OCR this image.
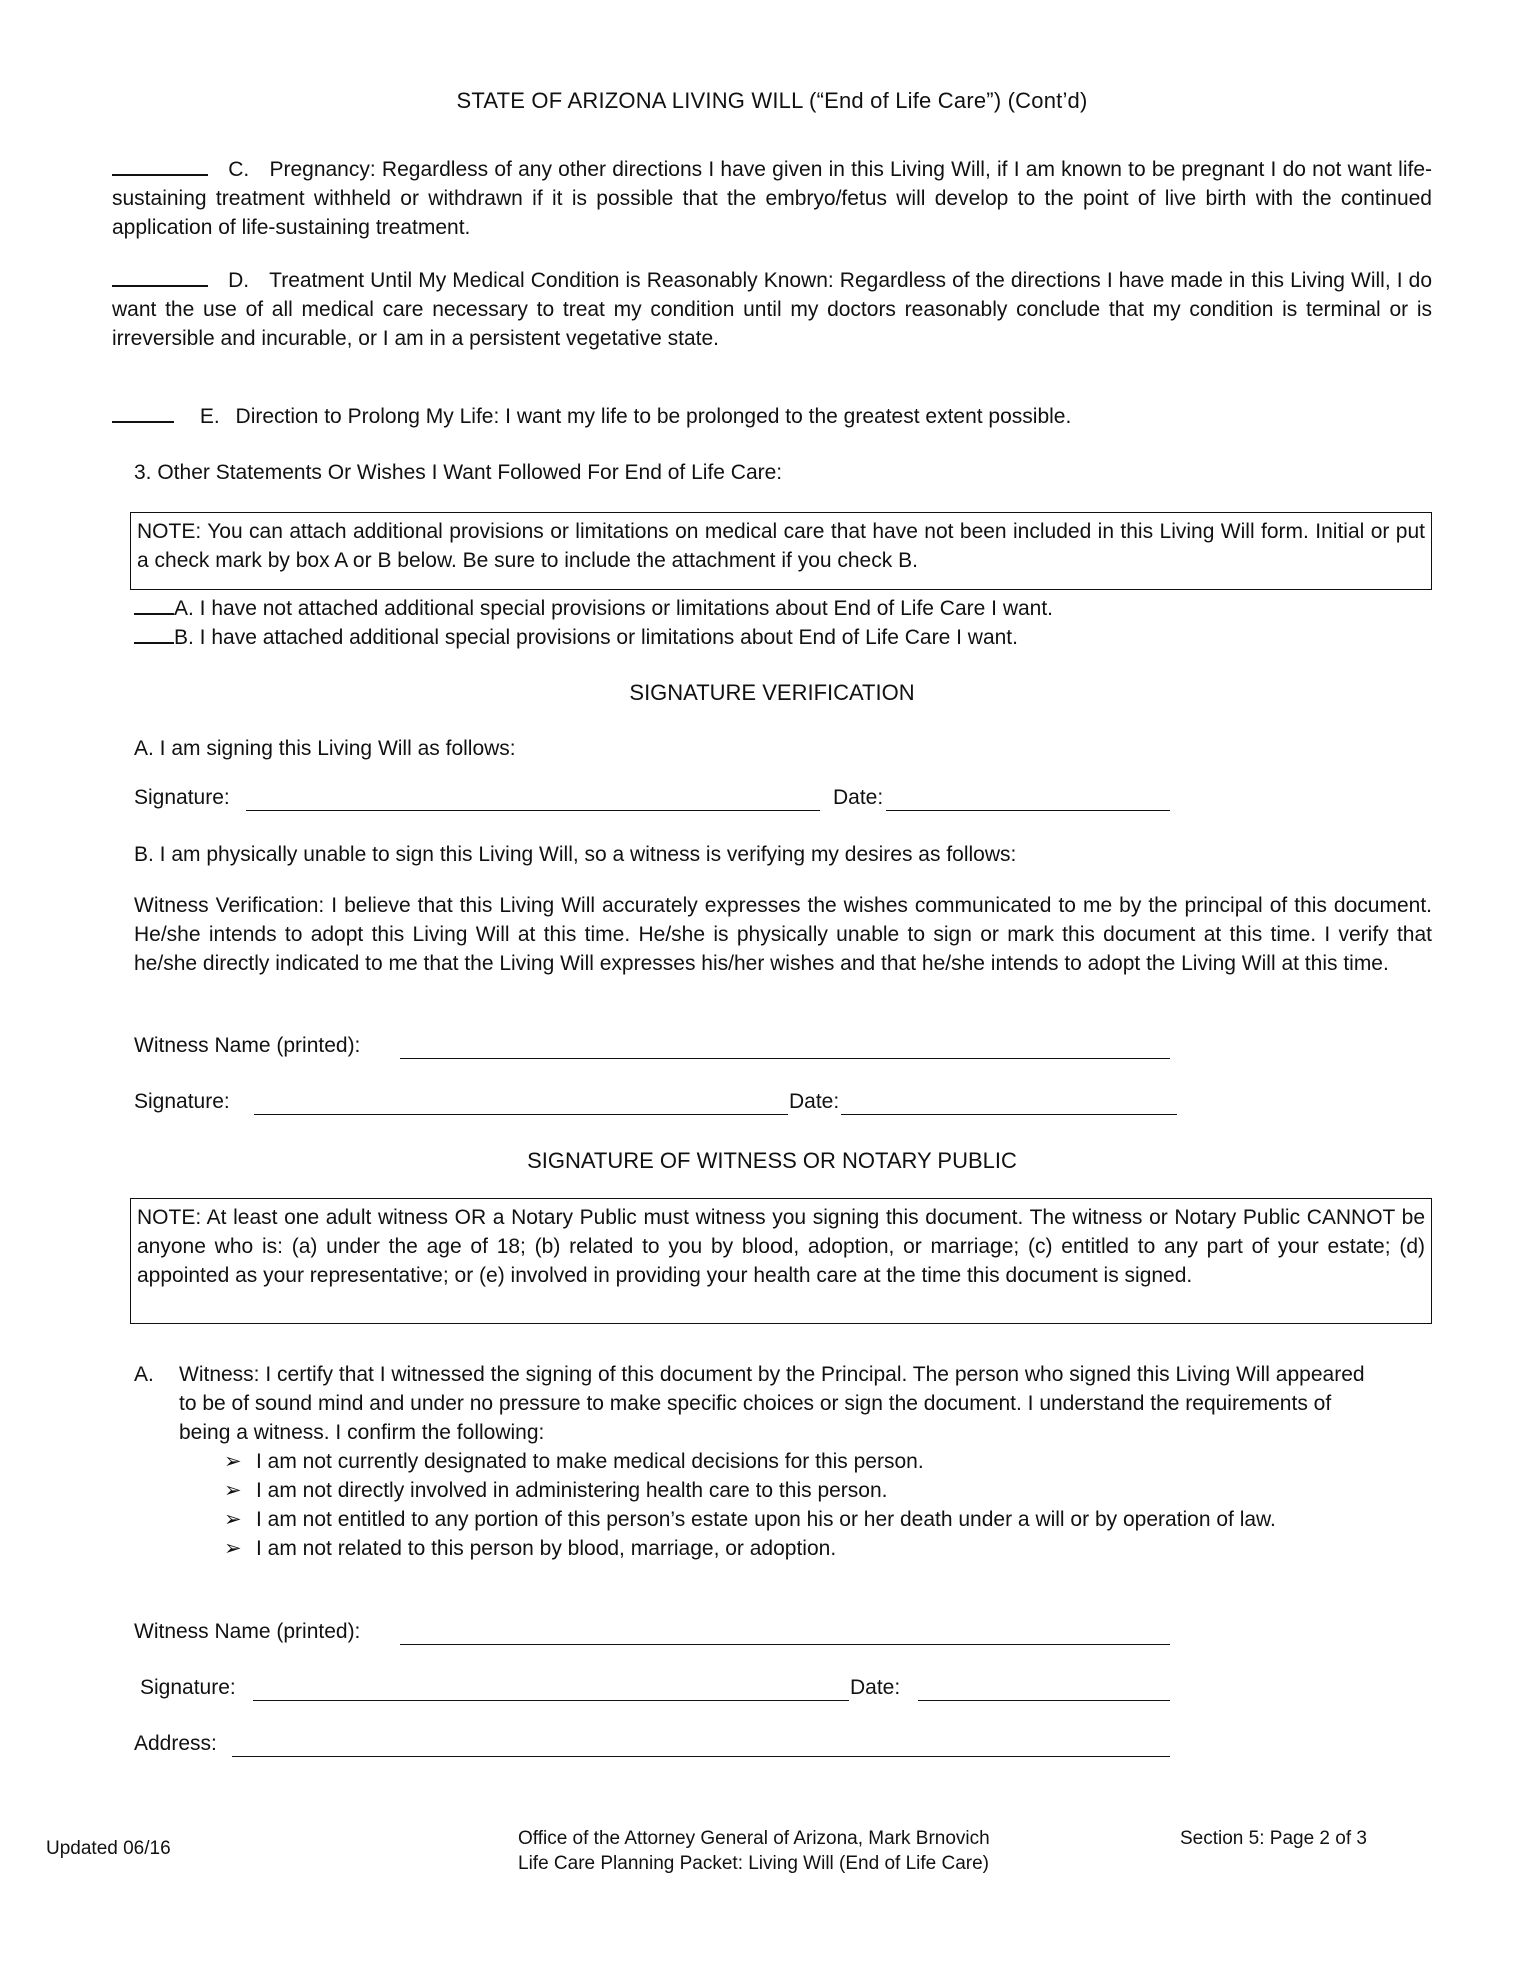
STATE OF ARIZONA LIVING WILL (“End of Life Care”) (Cont’d)
C. Pregnancy: Regardless of any other directions I have given in this Living Will, if I am known to be pregnant I do not want life-sustaining treatment withheld or withdrawn if it is possible that the embryo/fetus will develop to the point of live birth with the continued application of life-sustaining treatment.
D. Treatment Until My Medical Condition is Reasonably Known: Regardless of the directions I have made in this Living Will, I do want the use of all medical care necessary to treat my condition until my doctors reasonably conclude that my condition is terminal or is irreversible and incurable, or I am in a persistent vegetative state.
E. Direction to Prolong My Life: I want my life to be prolonged to the greatest extent possible.
3. Other Statements Or Wishes I Want Followed For End of Life Care:
NOTE: You can attach additional provisions or limitations on medical care that have not been included in this Living Will form. Initial or put a check mark by box A or B below. Be sure to include the attachment if you check B.
A. I have not attached additional special provisions or limitations about End of Life Care I want.
B. I have attached additional special provisions or limitations about End of Life Care I want.
SIGNATURE VERIFICATION
A. I am signing this Living Will as follows:
Signature:	Date:
B. I am physically unable to sign this Living Will, so a witness is verifying my desires as follows:
Witness Verification: I believe that this Living Will accurately expresses the wishes communicated to me by the principal of this document. He/she intends to adopt this Living Will at this time. He/she is physically unable to sign or mark this document at this time. I verify that he/she directly indicated to me that the Living Will expresses his/her wishes and that he/she intends to adopt the Living Will at this time.
Witness Name (printed):
Signature:	Date:
SIGNATURE OF WITNESS OR NOTARY PUBLIC
NOTE: At least one adult witness OR a Notary Public must witness you signing this document. The witness or Notary Public CANNOT be anyone who is: (a) under the age of 18; (b) related to you by blood, adoption, or marriage; (c) entitled to any part of your estate; (d) appointed as your representative; or (e) involved in providing your health care at the time this document is signed.
A. Witness: I certify that I witnessed the signing of this document by the Principal. The person who signed this Living Will appeared to be of sound mind and under no pressure to make specific choices or sign the document. I understand the requirements of being a witness. I confirm the following:
➢ I am not currently designated to make medical decisions for this person.
➢ I am not directly involved in administering health care to this person.
➢ I am not entitled to any portion of this person’s estate upon his or her death under a will or by operation of law.
➢ I am not related to this person by blood, marriage, or adoption.
Witness Name (printed):
Signature:	Date:
Address:
Updated 06/16	Office of the Attorney General of Arizona, Mark Brnovich
Life Care Planning Packet: Living Will (End of Life Care)
Section 5: Page 2 of 3
